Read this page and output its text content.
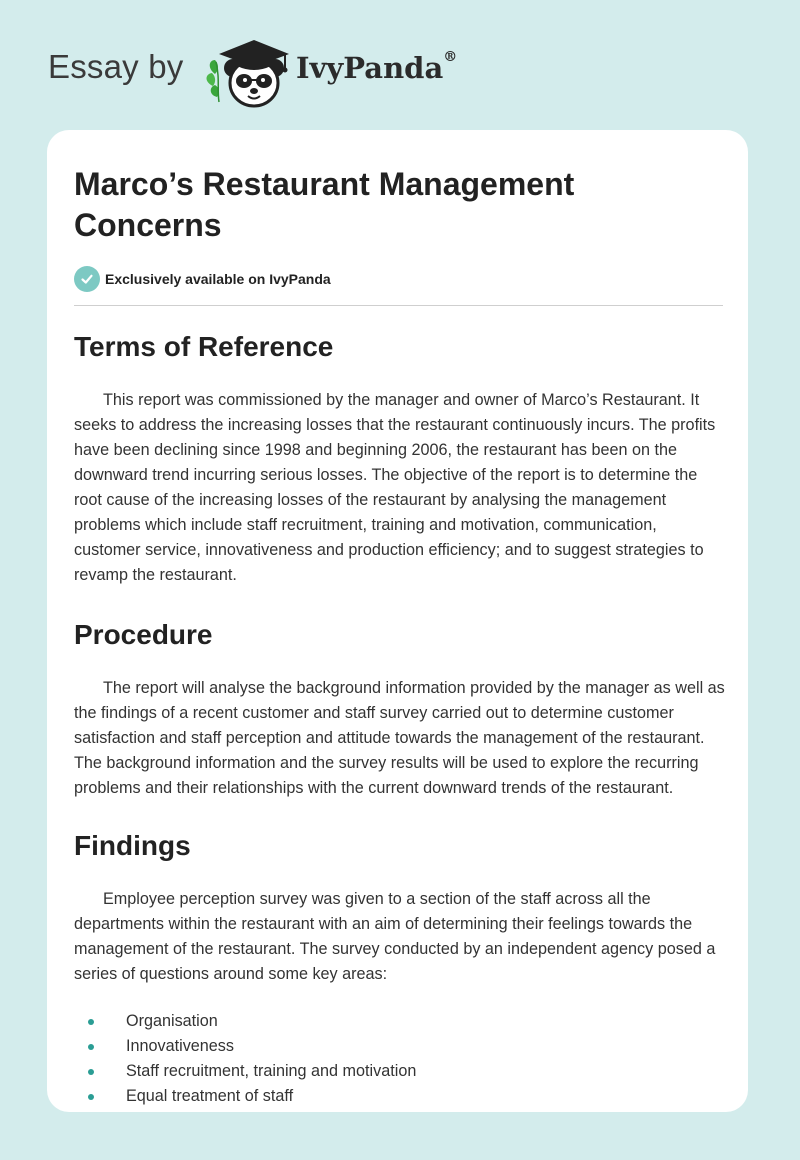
Essay by	IvyPanda®
Marco’s Restaurant Management Concerns
Exclusively available on IvyPanda
Terms of Reference

This report was commissioned by the manager and owner of Marco’s Restaurant. It seeks to address the increasing losses that the restaurant continuously incurs. The profits have been declining since 1998 and beginning 2006, the restaurant has been on the downward trend incurring serious losses. The objective of the report is to determine the root cause of the increasing losses of the restaurant by analysing the management problems which include staff recruitment, training and motivation, communication, customer service, innovativeness and production efficiency; and to suggest strategies to revamp the restaurant.

Procedure

The report will analyse the background information provided by the manager as well as the findings of a recent customer and staff survey carried out to determine customer satisfaction and staff perception and attitude towards the management of the restaurant. The background information and the survey results will be used to explore the recurring problems and their relationships with the current downward trends of the restaurant.

Findings

Employee perception survey was given to a section of the staff across all the departments within the restaurant with an aim of determining their feelings towards the management of the restaurant. The survey conducted by an independent agency posed a series of questions around some key areas:

Organisation
Innovativeness
Staff recruitment, training and motivation
Equal treatment of staff
